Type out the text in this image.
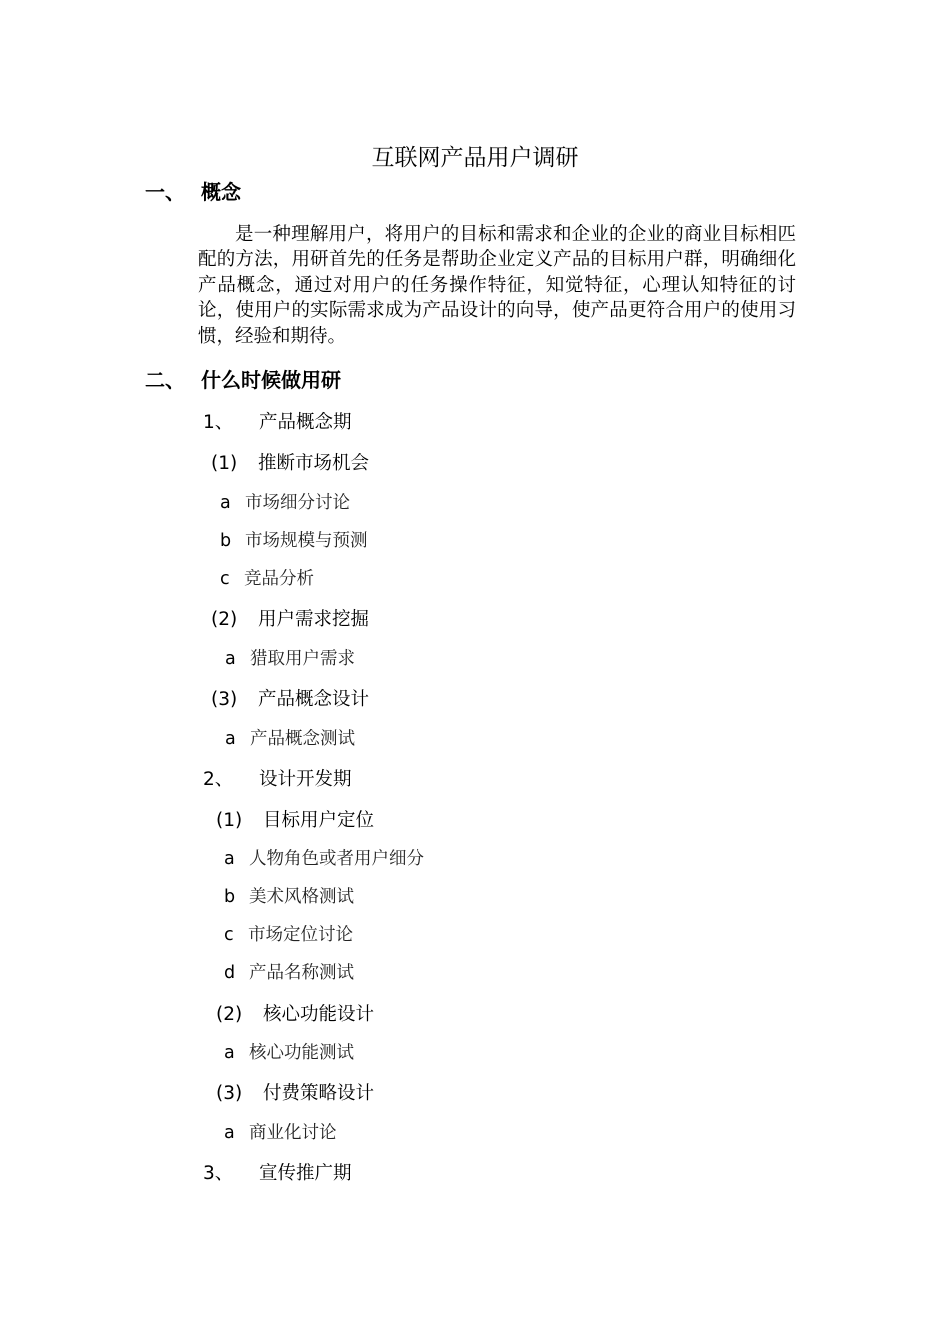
互联网产品用户调研
一、 概念
是一种理解用户，将用户的目标和需求和企业的企业的商业目标相匹配的方法，用研首先的任务是帮助企业定义产品的目标用户群，明确细化产品概念，通过对用户的任务操作特征，知觉特征，心理认知特征的讨论，使用户的实际需求成为产品设计的向导，使产品更符合用户的使用习惯，经验和期待。
二、 什么时候做用研
1、 产品概念期
(1) 推断市场机会
a 市场细分讨论
b 市场规模与预测
c 竞品分析
(2) 用户需求挖掘
a 猎取用户需求
(3) 产品概念设计
a 产品概念测试
2、 设计开发期
(1) 目标用户定位
a 人物角色或者用户细分
b 美术风格测试
c 市场定位讨论
d 产品名称测试
(2) 核心功能设计
a 核心功能测试
(3) 付费策略设计
a 商业化讨论
3、 宣传推广期
